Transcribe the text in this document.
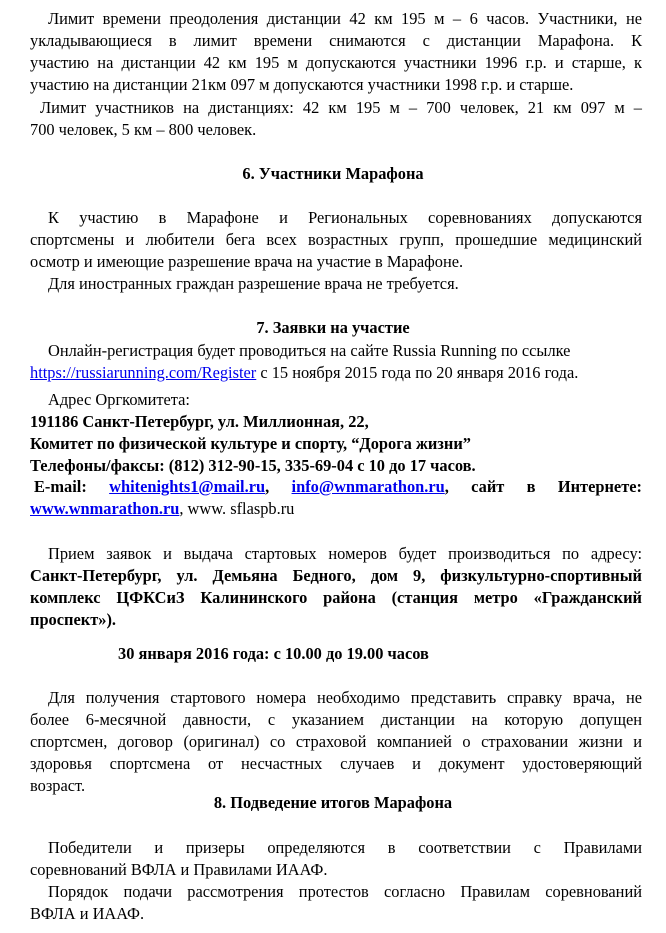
Лимит времени преодоления дистанции 42 км 195 м – 6 часов. Участники, не
укладывающиеся в лимит времени снимаются с дистанции Марафона. К
участию на дистанции 42 км 195 м допускаются участники 1996 г.р. и старше, к
участию на дистанции 21км 097 м допускаются участники 1998 г.р. и старше.
Лимит участников на дистанциях: 42 км 195 м – 700 человек, 21 км 097 м –
700 человек, 5 км – 800 человек.
6. Участники Марафона
К участию в Марафоне и Региональных соревнованиях допускаются
спортсмены и любители бега всех возрастных групп, прошедшие медицинский
осмотр и имеющие разрешение врача на участие в Марафоне.
Для иностранных граждан разрешение врача не требуется.
7. Заявки на участие
Онлайн-регистрация будет проводиться на сайте Russia Running по ссылке
https://russiarunning.com/Register с 15 ноября 2015 года по 20 января 2016 года.
Адрес Оргкомитета:
191186 Санкт-Петербург, ул. Миллионная, 22,
Комитет по физической культуре и спорту, “Дорога жизни”
Телефоны/факсы: (812) 312-90-15, 335-69-04 с 10 до 17 часов.
E-mail: whitenights1@mail.ru, info@wnmarathon.ru, сайт в Интернете:
www.wnmarathon.ru, www. sflaspb.ru
Прием заявок и выдача стартовых номеров будет производиться по адресу:
Санкт-Петербург, ул. Демьяна Бедного, дом 9, физкультурно-спортивный
комплекс ЦФКСиЗ Калининского района (станция метро «Гражданский
проспект»).
30 января 2016 года: с 10.00 до 19.00 часов
Для получения стартового номера необходимо представить справку врача, не
более 6-месячной давности, с указанием дистанции на которую допущен
спортсмен, договор (оригинал) со страховой компанией о страховании жизни и
здоровья спортсмена от несчастных случаев и документ удостоверяющий
возраст.
8. Подведение итогов Марафона
Победители и призеры определяются в соответствии с Правилами
соревнований ВФЛА и Правилами ИААФ.
Порядок подачи рассмотрения протестов согласно Правилам соревнований
ВФЛА и ИААФ.
